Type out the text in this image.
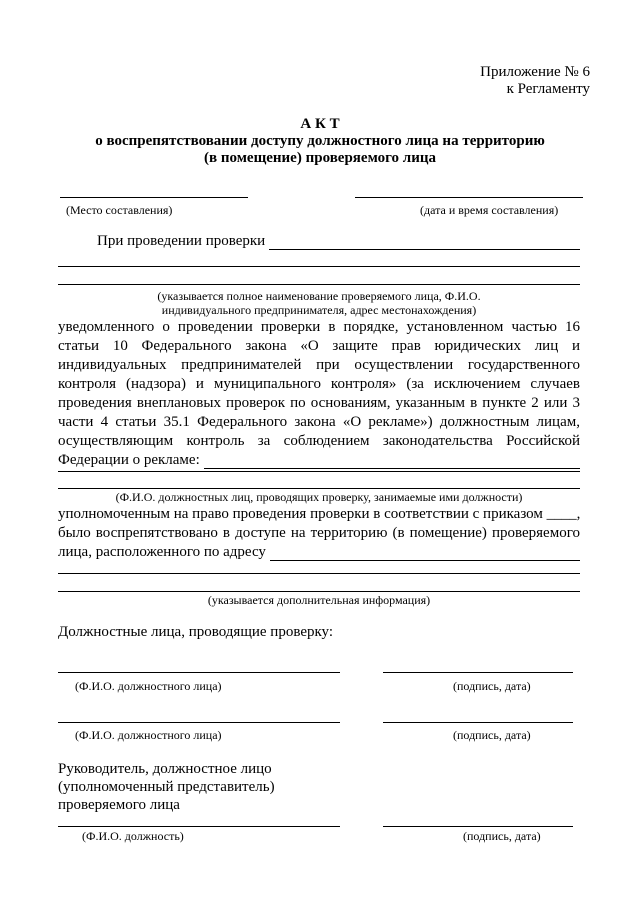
Приложение № 6
к Регламенту
А К Т
о воспрепятствовании доступу должностного лица на территорию
(в помещение) проверяемого лица
(Место составления)	(дата и время составления)
При проведении проверки
(указывается полное наименование проверяемого лица, Ф.И.О.
индивидуального предпринимателя, адрес местонахождения)
уведомленного о проведении проверки в порядке, установленном частью 16
статьи 10 Федерального закона «О защите прав юридических лиц и
индивидуальных предпринимателей при осуществлении государственного
контроля (надзора) и муниципального контроля» (за исключением случаев
проведения внеплановых проверок по основаниям, указанным в пункте 2 или 3
части 4 статьи 35.1 Федерального закона «О рекламе») должностным лицам,
осуществляющим контроль за соблюдением законодательства Российской
Федерации о рекламе:
(Ф.И.О. должностных лиц, проводящих проверку, занимаемые ими должности)
уполномоченным на право проведения проверки в соответствии с приказом ____,
было воспрепятствовано в доступе на территорию (в помещение) проверяемого
лица, расположенного по адресу
(указывается дополнительная информация)
Должностные лица, проводящие проверку:
(Ф.И.О. должностного лица)	(подпись, дата)
(Ф.И.О. должностного лица)	(подпись, дата)
Руководитель, должностное лицо
(уполномоченный представитель)
проверяемого лица
(Ф.И.О. должность)	(подпись, дата)
